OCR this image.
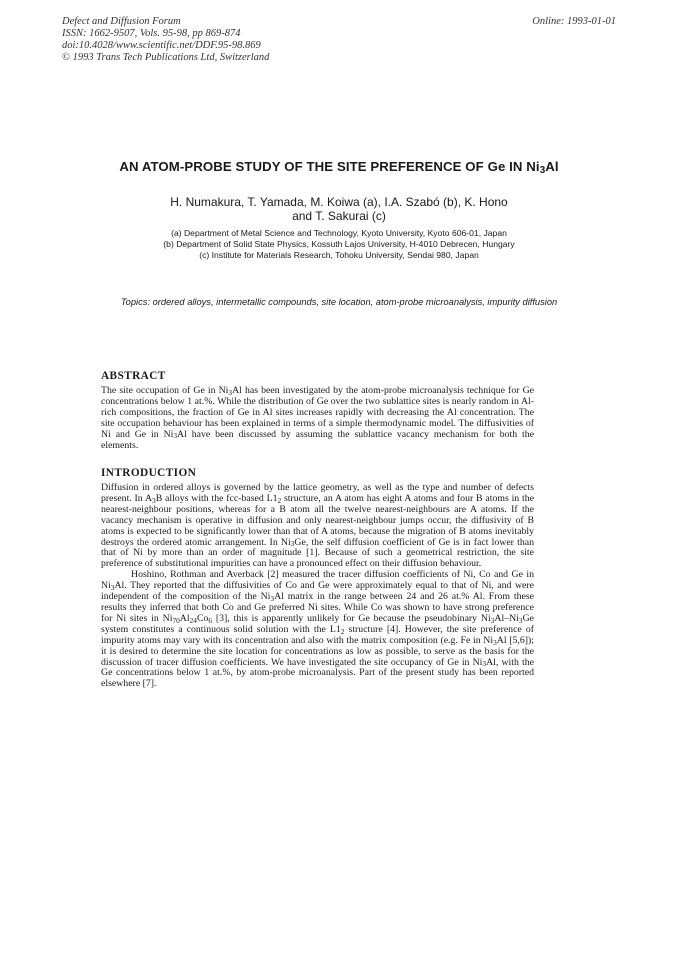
Defect and Diffusion Forum
ISSN: 1662-9507, Vols. 95-98, pp 869-874
doi:10.4028/www.scientific.net/DDF.95-98.869
© 1993 Trans Tech Publications Ltd, Switzerland
Online: 1993-01-01
AN ATOM-PROBE STUDY OF THE SITE PREFERENCE OF Ge IN Ni3Al
H. Numakura, T. Yamada, M. Koiwa (a), I.A. Szabó (b), K. Hono
and T. Sakurai (c)
(a) Department of Metal Science and Technology, Kyoto University, Kyoto 606-01, Japan
(b) Department of Solid State Physics, Kossuth Lajos University, H-4010 Debrecen, Hungary
(c) Institute for Materials Research, Tohoku University, Sendai 980, Japan
Topics: ordered alloys, intermetallic compounds, site location, atom-probe microanalysis, impurity diffusion
ABSTRACT

The site occupation of Ge in Ni3Al has been investigated by the atom-probe microanalysis technique for Ge concentrations below 1 at.%. While the distribution of Ge over the two sublattice sites is nearly random in Al-rich compositions, the fraction of Ge in Al sites increases rapidly with decreasing the Al concentration. The site occupation behaviour has been explained in terms of a simple thermodynamic model. The diffusivities of Ni and Ge in Ni3Al have been discussed by assuming the sublattice vacancy mechanism for both the elements.

INTRODUCTION

Diffusion in ordered alloys is governed by the lattice geometry, as well as the type and number of defects present. In A3B alloys with the fcc-based L12 structure, an A atom has eight A atoms and four B atoms in the nearest-neighbour positions, whereas for a B atom all the twelve nearest-neighbours are A atoms. If the vacancy mechanism is operative in diffusion and only nearest-neighbour jumps occur, the diffusivity of B atoms is expected to be significantly lower than that of A atoms, because the migration of B atoms inevitably destroys the ordered atomic arrangement. In Ni3Ge, the self diffusion coefficient of Ge is in fact lower than that of Ni by more than an order of magnitude [1]. Because of such a geometrical restriction, the site preference of substitutional impurities can have a pronounced effect on their diffusion behaviour.

Hoshino, Rothman and Averback [2] measured the tracer diffusion coefficients of Ni, Co and Ge in Ni3Al. They reported that the diffusivities of Co and Ge were approximately equal to that of Ni, and were independent of the composition of the Ni3Al matrix in the range between 24 and 26 at.% Al. From these results they inferred that both Co and Ge preferred Ni sites. While Co was shown to have strong preference for Ni sites in Ni70Al24Co6 [3], this is apparently unlikely for Ge because the pseudobinary Ni3Al–Ni3Ge system constitutes a continuous solid solution with the L12 structure [4]. However, the site preference of impurity atoms may vary with its concentration and also with the matrix composition (e.g. Fe in Ni3Al [5,6]); it is desired to determine the site location for concentrations as low as possible, to serve as the basis for the discussion of tracer diffusion coefficients. We have investigated the site occupancy of Ge in Ni3Al, with the Ge concentrations below 1 at.%, by atom-probe microanalysis. Part of the present study has been reported elsewhere [7].
